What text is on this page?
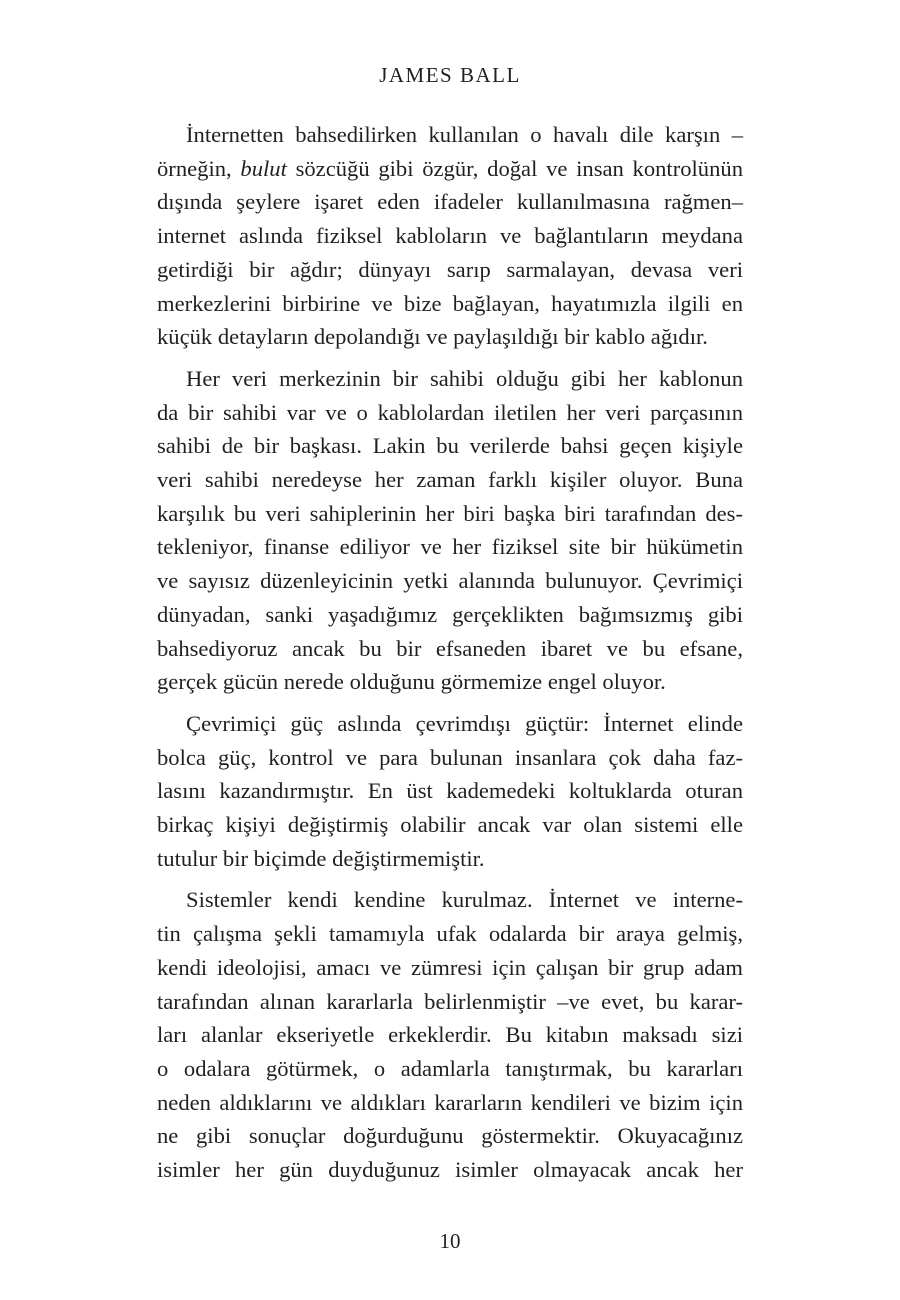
JAMES BALL
İnternetten bahsedilirken kullanılan o havalı dile karşın –
örneğin, bulut sözcüğü gibi özgür, doğal ve insan kontrolünün
dışında şeylere işaret eden ifadeler kullanılmasına rağmen–
internet aslında fiziksel kabloların ve bağlantıların meydana
getirdiği bir ağdır; dünyayı sarıp sarmalayan, devasa veri
merkezlerini birbirine ve bize bağlayan, hayatımızla ilgili en
küçük detayların depolandığı ve paylaşıldığı bir kablo ağıdır.
Her veri merkezinin bir sahibi olduğu gibi her kablonun
da bir sahibi var ve o kablolardan iletilen her veri parçasının
sahibi de bir başkası. Lakin bu verilerde bahsi geçen kişiyle
veri sahibi neredeyse her zaman farklı kişiler oluyor. Buna
karşılık bu veri sahiplerinin her biri başka biri tarafından des-
tekleniyor, finanse ediliyor ve her fiziksel site bir hükümetin
ve sayısız düzenleyicinin yetki alanında bulunuyor. Çevrimiçi
dünyadan, sanki yaşadığımız gerçeklikten bağımsızmış gibi
bahsediyoruz ancak bu bir efsaneden ibaret ve bu efsane,
gerçek gücün nerede olduğunu görmemize engel oluyor.
Çevrimiçi güç aslında çevrimdışı güçtür: İnternet elinde
bolca güç, kontrol ve para bulunan insanlara çok daha faz-
lasını kazandırmıştır. En üst kademedeki koltuklarda oturan
birkaç kişiyi değiştirmiş olabilir ancak var olan sistemi elle
tutulur bir biçimde değiştirmemiştir.
Sistemler kendi kendine kurulmaz. İnternet ve interne-
tin çalışma şekli tamamıyla ufak odalarda bir araya gelmiş,
kendi ideolojisi, amacı ve zümresi için çalışan bir grup adam
tarafından alınan kararlarla belirlenmiştir –ve evet, bu karar-
ları alanlar ekseriyetle erkeklerdir. Bu kitabın maksadı sizi
o odalara götürmek, o adamlarla tanıştırmak, bu kararları
neden aldıklarını ve aldıkları kararların kendileri ve bizim için
ne gibi sonuçlar doğurduğunu göstermektir. Okuyacağınız
isimler her gün duyduğunuz isimler olmayacak ancak her
10
